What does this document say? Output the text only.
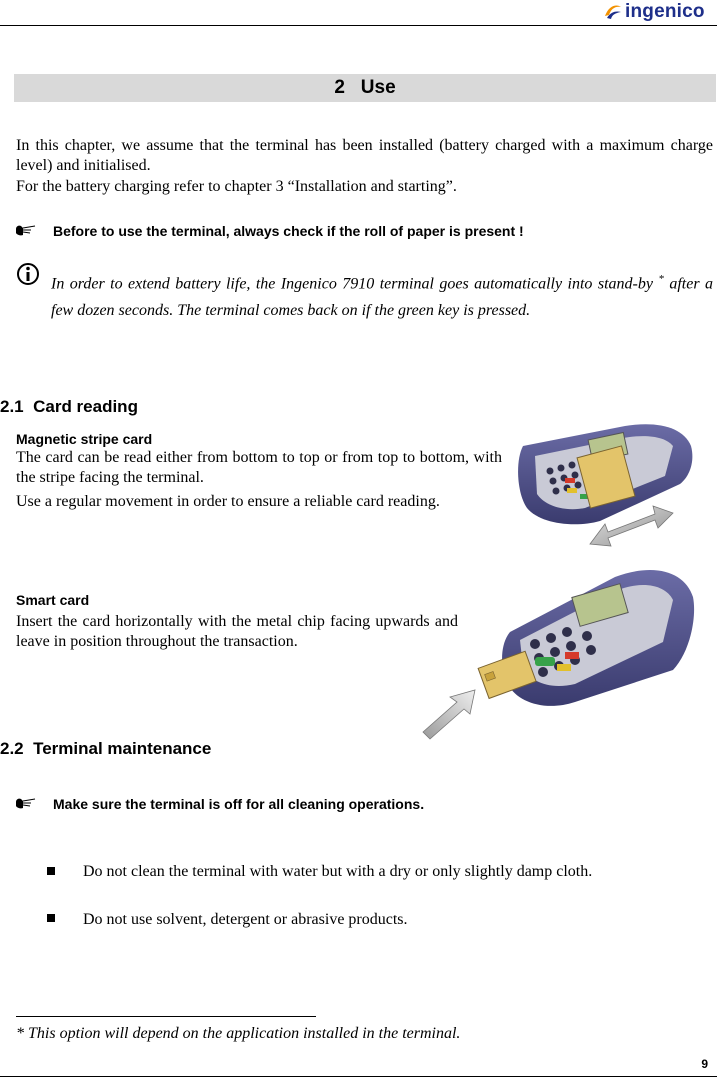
ingenico
2 Use
In this chapter, we assume that the terminal has been installed (battery charged with a maximum charge level) and initialised.
For the battery charging refer to chapter 3 “Installation and starting”.
Before to use the terminal, always check if the roll of paper is present !
In order to extend battery life, the Ingenico 7910 terminal goes automatically into stand-by * after a few dozen seconds. The terminal comes back on if the green key is pressed.
2.1 Card reading
Magnetic stripe card
The card can be read either from bottom to top or from top to bottom, with the stripe facing the terminal.
Use a regular movement in order to ensure a reliable card reading.
Smart card
Insert the card horizontally with the metal chip facing upwards and leave in position throughout the transaction.
2.2 Terminal maintenance
Make sure the terminal is off for all cleaning operations.
Do not clean the terminal with water but with a dry or only slightly damp cloth.
Do not use solvent, detergent or abrasive products.
* This option will depend on the application installed in the terminal.
9
